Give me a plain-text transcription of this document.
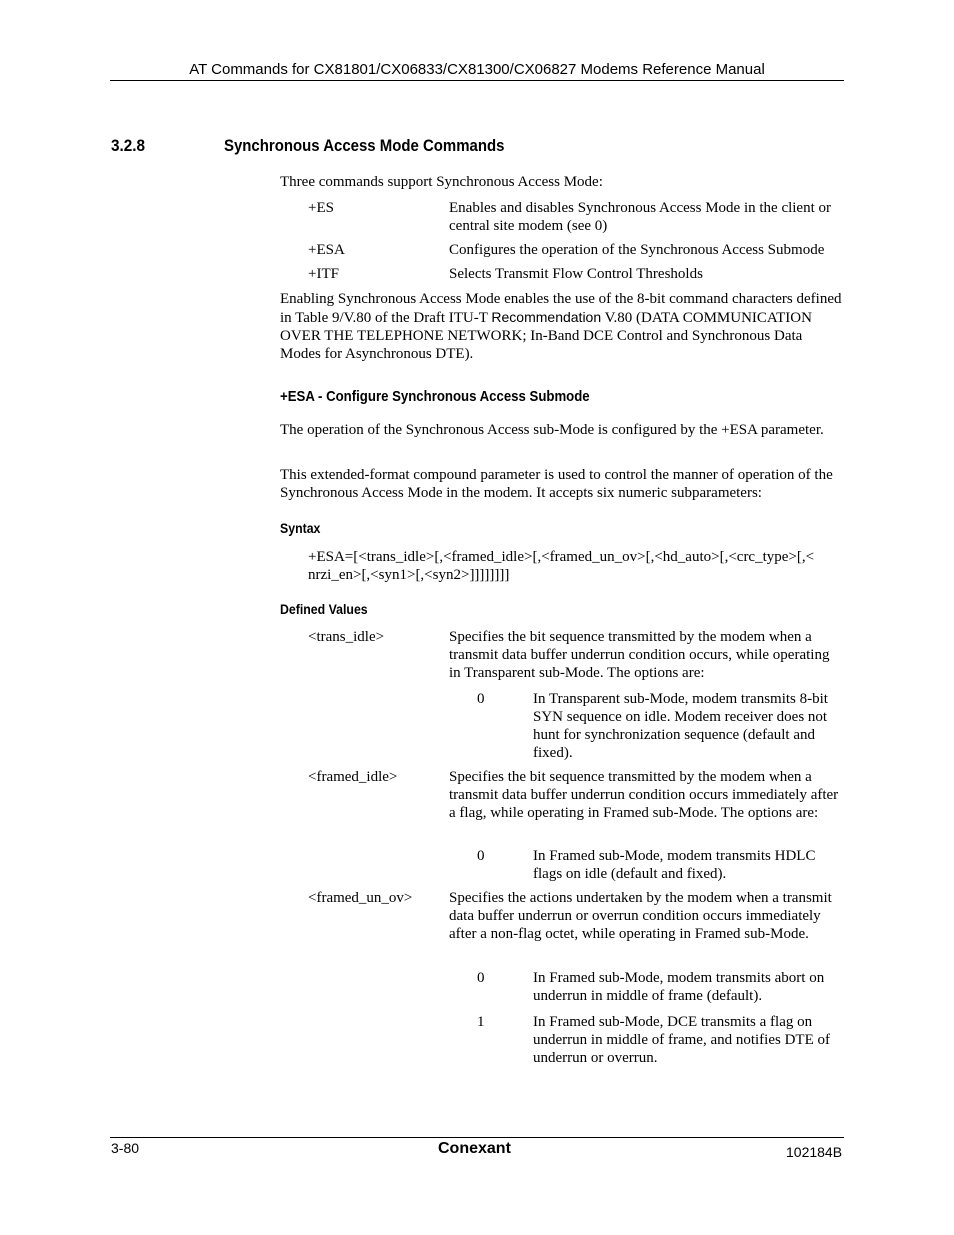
AT Commands for CX81801/CX06833/CX81300/CX06827 Modems Reference Manual
3.2.8	Synchronous Access Mode Commands

Three commands support Synchronous Access Mode:

+ES	Enables and disables Synchronous Access Mode in the client or central site modem (see 0)
+ESA	Configures the operation of the Synchronous Access Submode
+ITF	Selects Transmit Flow Control Thresholds

Enabling Synchronous Access Mode enables the use of the 8-bit command characters defined in Table 9/V.80 of the Draft ITU-T Recommendation V.80 (DATA COMMUNICATION OVER THE TELEPHONE NETWORK; In-Band DCE Control and Synchronous Data Modes for Asynchronous DTE).

+ESA - Configure Synchronous Access Submode

The operation of the Synchronous Access sub-Mode is configured by the +ESA parameter.

This extended-format compound parameter is used to control the manner of operation of the Synchronous Access Mode in the modem. It accepts six numeric subparameters:

Syntax
+ESA=[<trans_idle>[,<framed_idle>[,<framed_un_ov>[,<hd_auto>[,<crc_type>[,< nrzi_en>[,<syn1>[,<syn2>]]]]]]]]
Defined Values
<trans_idle>	Specifies the bit sequence transmitted by the modem when a transmit data buffer underrun condition occurs, while operating in Transparent sub-Mode. The options are:
0	In Transparent sub-Mode, modem transmits 8-bit SYN sequence on idle. Modem receiver does not hunt for synchronization sequence (default and fixed).
<framed_idle>	Specifies the bit sequence transmitted by the modem when a transmit data buffer underrun condition occurs immediately after a flag, while operating in Framed sub-Mode. The options are:
0	In Framed sub-Mode, modem transmits HDLC flags on idle (default and fixed).
<framed_un_ov>	Specifies the actions undertaken by the modem when a transmit data buffer underrun or overrun condition occurs immediately after a non-flag octet, while operating in Framed sub-Mode.
0	In Framed sub-Mode, modem transmits abort on underrun in middle of frame (default).
1	In Framed sub-Mode, DCE transmits a flag on underrun in middle of frame, and notifies DTE of underrun or overrun.
3-80	Conexant	102184B
